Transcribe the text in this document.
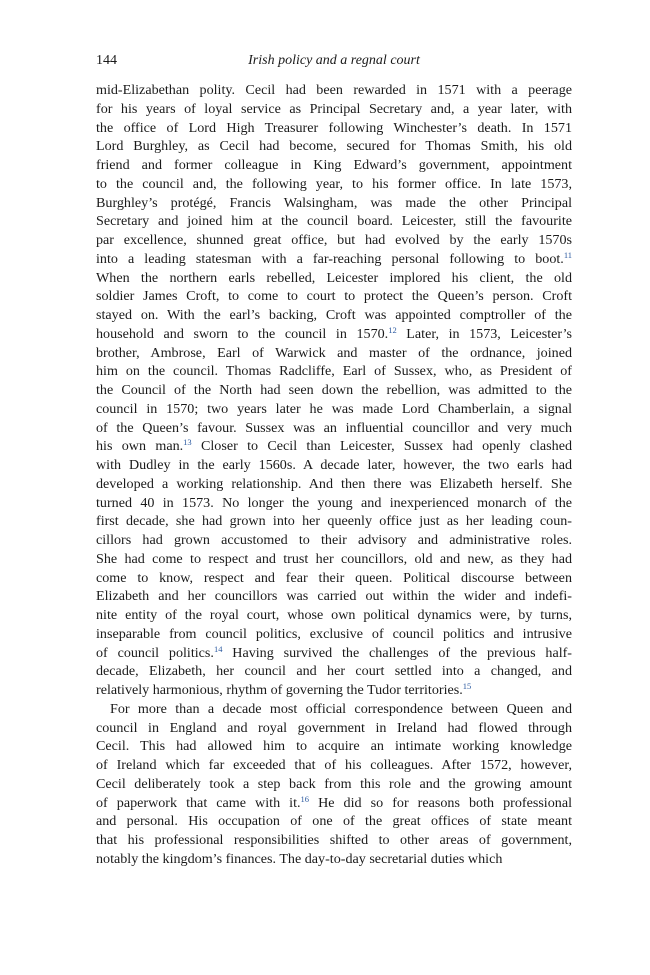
144	Irish policy and a regnal court
mid-Elizabethan polity. Cecil had been rewarded in 1571 with a peerage
for his years of loyal service as Principal Secretary and, a year later, with
the office of Lord High Treasurer following Winchester’s death. In 1571
Lord Burghley, as Cecil had become, secured for Thomas Smith, his old
friend and former colleague in King Edward’s government, appointment
to the council and, the following year, to his former office. In late 1573,
Burghley’s protégé, Francis Walsingham, was made the other Principal
Secretary and joined him at the council board. Leicester, still the favourite
par excellence, shunned great office, but had evolved by the early 1570s
into a leading statesman with a far-reaching personal following to boot.$^{11}$
When the northern earls rebelled, Leicester implored his client, the old
soldier James Croft, to come to court to protect the Queen’s person. Croft
stayed on. With the earl’s backing, Croft was appointed comptroller of the
household and sworn to the council in 1570.12 Later, in 1573, Leicester’s
brother, Ambrose, Earl of Warwick and master of the ordnance, joined
him on the council. Thomas Radcliffe, Earl of Sussex, who, as President of
the Council of the North had seen down the rebellion, was admitted to the
council in 1570; two years later he was made Lord Chamberlain, a signal
of the Queen’s favour. Sussex was an influential councillor and very much
his own man.$^{13}$ Closer to Cecil than Leicester, Sussex had openly clashed
with Dudley in the early 1560s. A decade later, however, the two earls had
developed a working relationship. And then there was Elizabeth herself. She
turned 40 in 1573. No longer the young and inexperienced monarch of the
first decade, she had grown into her queenly office just as her leading coun-
cillors had grown accustomed to their advisory and administrative roles.
She had come to respect and trust her councillors, old and new, as they had
come to know, respect and fear their queen. Political discourse between
Elizabeth and her councillors was carried out within the wider and indefi-
nite entity of the royal court, whose own political dynamics were, by turns,
inseparable from council politics, exclusive of council politics and intrusive
of council politics.$^{14}$ Having survived the challenges of the previous half-
decade, Elizabeth, her council and her court settled into a changed, and
relatively harmonious, rhythm of governing the Tudor territories.$^{15}$
For more than a decade most official correspondence between Queen and
council in England and royal government in Ireland had flowed through
Cecil. This had allowed him to acquire an intimate working knowledge
of Ireland which far exceeded that of his colleagues. After 1572, however,
Cecil deliberately took a step back from this role and the growing amount
of paperwork that came with it.$^{16}$ He did so for reasons both professional
and personal. His occupation of one of the great offices of state meant
that his professional responsibilities shifted to other areas of government,
notably the kingdom’s finances. The day-to-day secretarial duties which
